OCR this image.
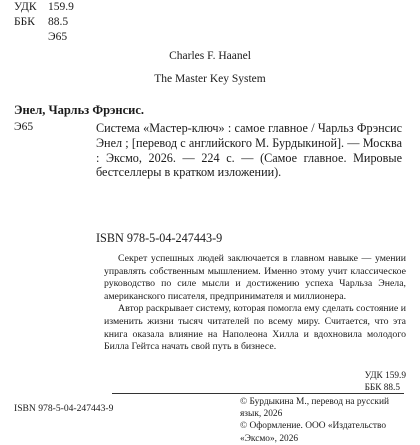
УДК	159.9
ББК	88.5
Э65
Charles F. Haanel
The Master Key System
Энел, Чарльз Фрэнсис.
Э65	Система «Мастер-ключ» : самое главное / Чарльз Фрэнсис Энел ; [перевод с английского М. Бурдыкиной]. — Москва : Эксмо, 2026. — 224 с. — (Самое главное. Мировые бестселлеры в кратком изложении).
ISBN 978-5-04-247443-9

Секрет успешных людей заключается в главном навыке — умении управлять собственным мышлением. Именно этому учит классическое руководство по силе мысли и достижению успеха Чарльза Энела, американского писателя, предпринимателя и миллионера.

Автор раскрывает систему, которая помогла ему сделать состояние и изменить жизни тысяч читателей по всему миру. Считается, что эта книга оказала влияние на Наполеона Хилла и вдохновила молодого Билла Гейтса начать свой путь в бизнесе.

УДК 159.9
ББК 88.5
ISBN 978-5-04-247443-9
© Бурдыкина М., перевод на русский язык, 2026
© Оформление. ООО «Издательство «Эксмо», 2026
